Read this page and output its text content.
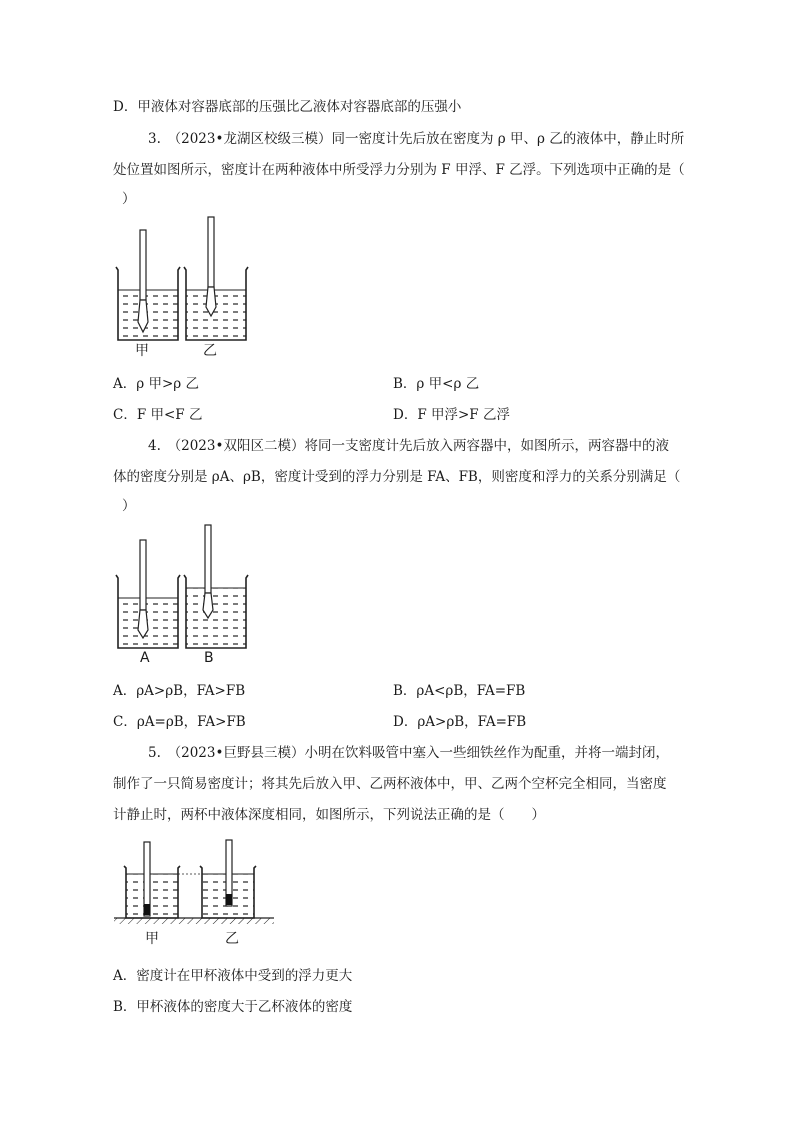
D．甲液体对容器底部的压强比乙液体对容器底部的压强小
3.　（2023•龙湖区校级三模）同一密度计先后放在密度为 ρ 甲、ρ 乙的液体中，静止时所
处位置如图所示，密度计在两种液体中所受浮力分别为 F 甲浮、F 乙浮。下列选项中正确的是（
）
甲	乙
A．ρ 甲>ρ 乙	B．ρ 甲<ρ 乙
C．F 甲<F 乙	D．F 甲浮>F 乙浮
4.　（2023•双阳区二模）将同一支密度计先后放入两容器中，如图所示，两容器中的液
体的密度分别是 ρA、ρB，密度计受到的浮力分别是 FA、FB，则密度和浮力的关系分别满足（
）
A	B
A．ρA>ρB，FA>FB	B．ρA<ρB，FA=FB
C．ρA=ρB，FA>FB	D．ρA>ρB，FA=FB
5.　（2023•巨野县三模）小明在饮料吸管中塞入一些细铁丝作为配重，并将一端封闭，
制作了一只简易密度计；将其先后放入甲、乙两杯液体中，甲、乙两个空杯完全相同，当密度
计静止时，两杯中液体深度相同，如图所示，下列说法正确的是（　　）
甲	乙
A．密度计在甲杯液体中受到的浮力更大
B．甲杯液体的密度大于乙杯液体的密度
